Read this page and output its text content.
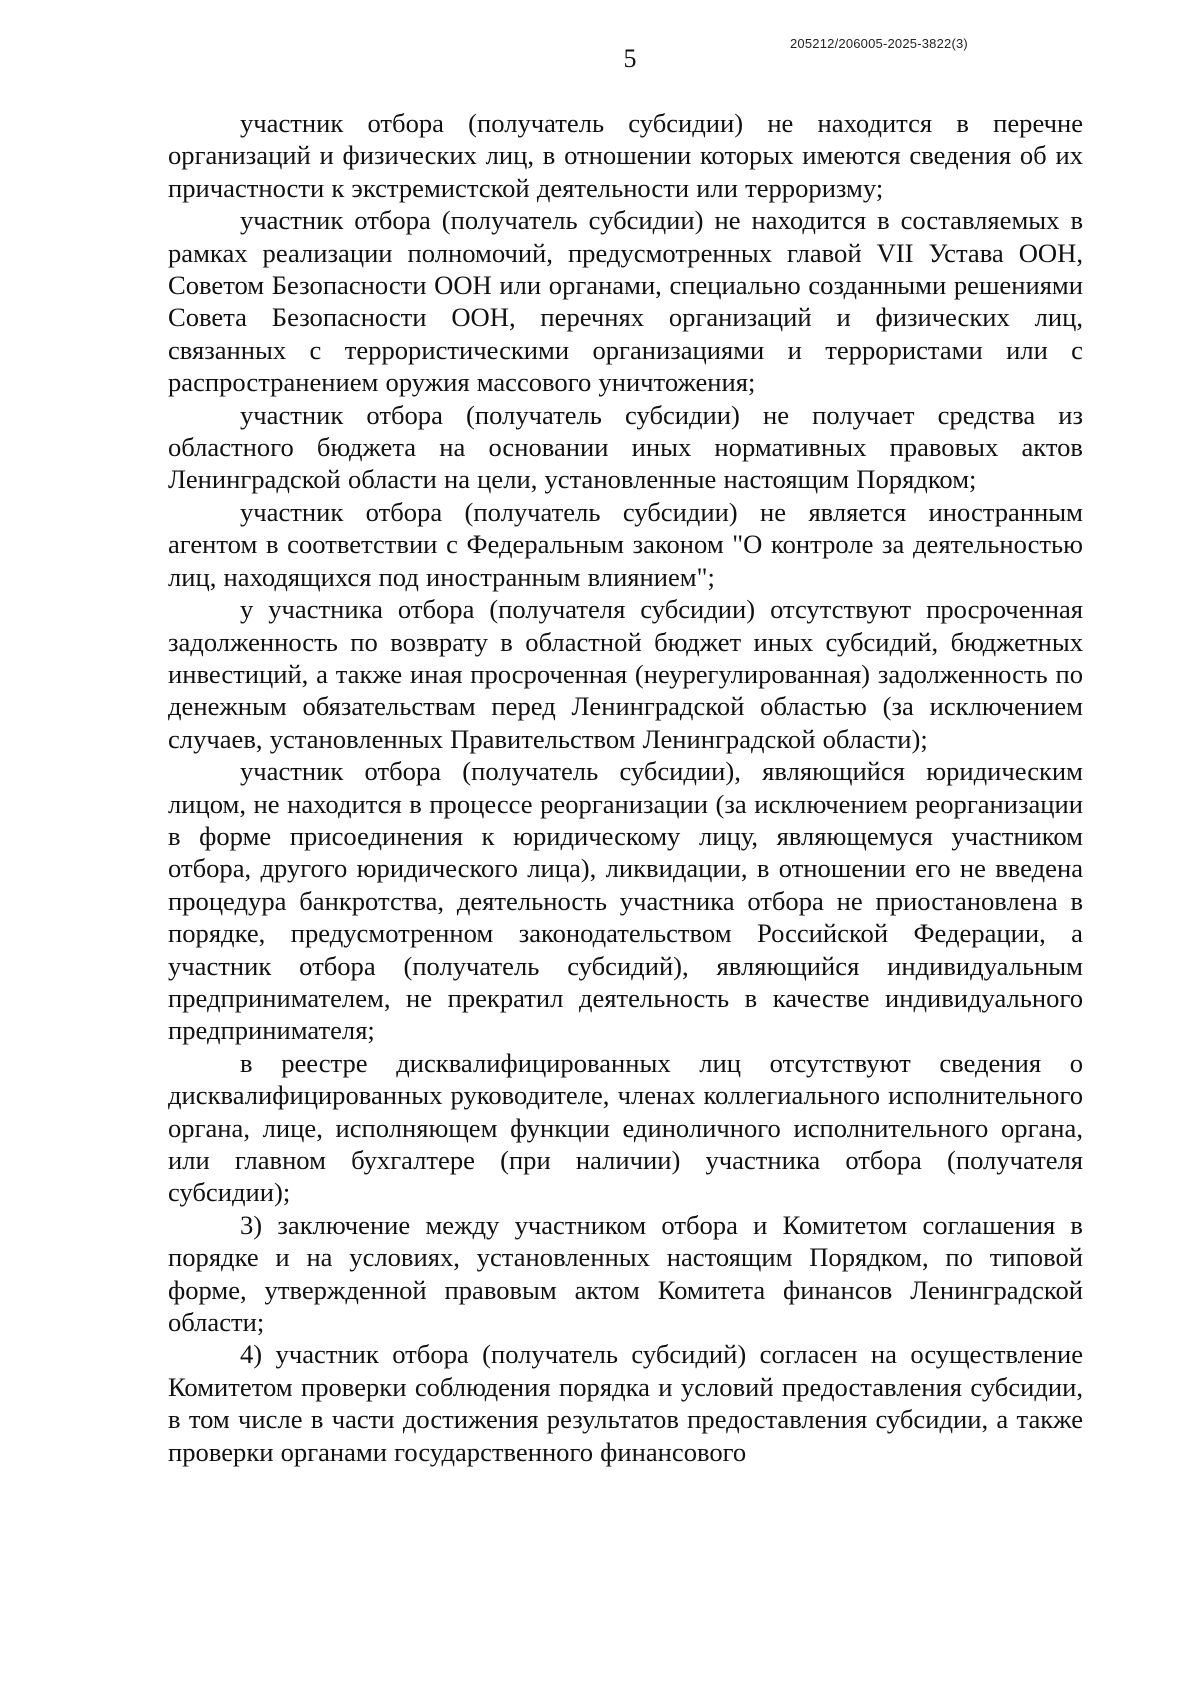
5
205212/206005-2025-3822(3)

участник отбора (получатель субсидии) не находится в перечне организаций и физических лиц, в отношении которых имеются сведения об их причастности к экстремистской деятельности или терроризму;

участник отбора (получатель субсидии) не находится в составляемых в рамках реализации полномочий, предусмотренных главой VII Устава ООН, Советом Безопасности ООН или органами, специально созданными решениями Совета Безопасности ООН, перечнях организаций и физических лиц, связанных с террористическими организациями и террористами или с распространением оружия массового уничтожения;

участник отбора (получатель субсидии) не получает средства из областного бюджета на основании иных нормативных правовых актов Ленинградской области на цели, установленные настоящим Порядком;

участник отбора (получатель субсидии) не является иностранным агентом в соответствии с Федеральным законом "О контроле за деятельностью лиц, находящихся под иностранным влиянием";

у участника отбора (получателя субсидии) отсутствуют просроченная задолженность по возврату в областной бюджет иных субсидий, бюджетных инвестиций, а также иная просроченная (неурегулированная) задолженность по денежным обязательствам перед Ленинградской областью (за исключением случаев, установленных Правительством Ленинградской области);

участник отбора (получатель субсидии), являющийся юридическим лицом, не находится в процессе реорганизации (за исключением реорганизации в форме присоединения к юридическому лицу, являющемуся участником отбора, другого юридического лица), ликвидации, в отношении его не введена процедура банкротства, деятельность участника отбора не приостановлена в порядке, предусмотренном законодательством Российской Федерации, а участник отбора (получатель субсидий), являющийся индивидуальным предпринимателем, не прекратил деятельность в качестве индивидуального предпринимателя;

в реестре дисквалифицированных лиц отсутствуют сведения о дисквалифицированных руководителе, членах коллегиального исполнительного органа, лице, исполняющем функции единоличного исполнительного органа, или главном бухгалтере (при наличии) участника отбора (получателя субсидии);

3) заключение между участником отбора и Комитетом соглашения в порядке и на условиях, установленных настоящим Порядком, по типовой форме, утвержденной правовым актом Комитета финансов Ленинградской области;

4) участник отбора (получатель субсидий) согласен на осуществление Комитетом проверки соблюдения порядка и условий предоставления субсидии, в том числе в части достижения результатов предоставления субсидии, а также проверки органами государственного финансового
